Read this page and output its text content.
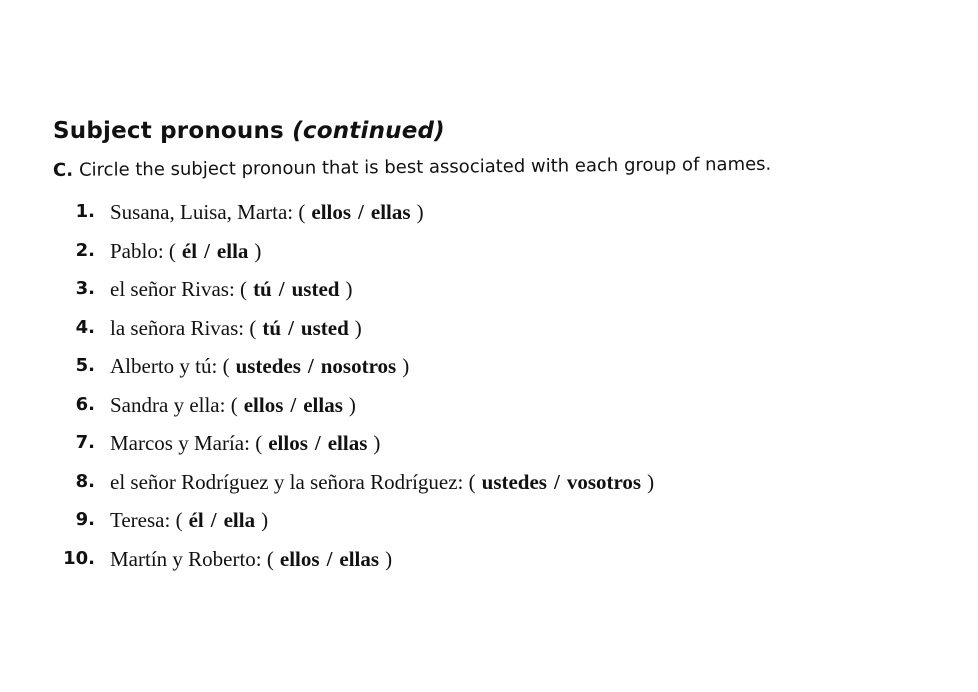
Subject pronouns (continued)
C. Circle the subject pronoun that is best associated with each group of names.
1. Susana, Luisa, Marta: ( ellos / ellas )
2. Pablo: ( él / ella )
3. el señor Rivas: ( tú / usted )
4. la señora Rivas: ( tú / usted )
5. Alberto y tú: ( ustedes / nosotros )
6. Sandra y ella: ( ellos / ellas )
7. Marcos y María: ( ellos / ellas )
8. el señor Rodríguez y la señora Rodríguez: ( ustedes / vosotros )
9. Teresa: ( él / ella )
10. Martín y Roberto: ( ellos / ellas )
